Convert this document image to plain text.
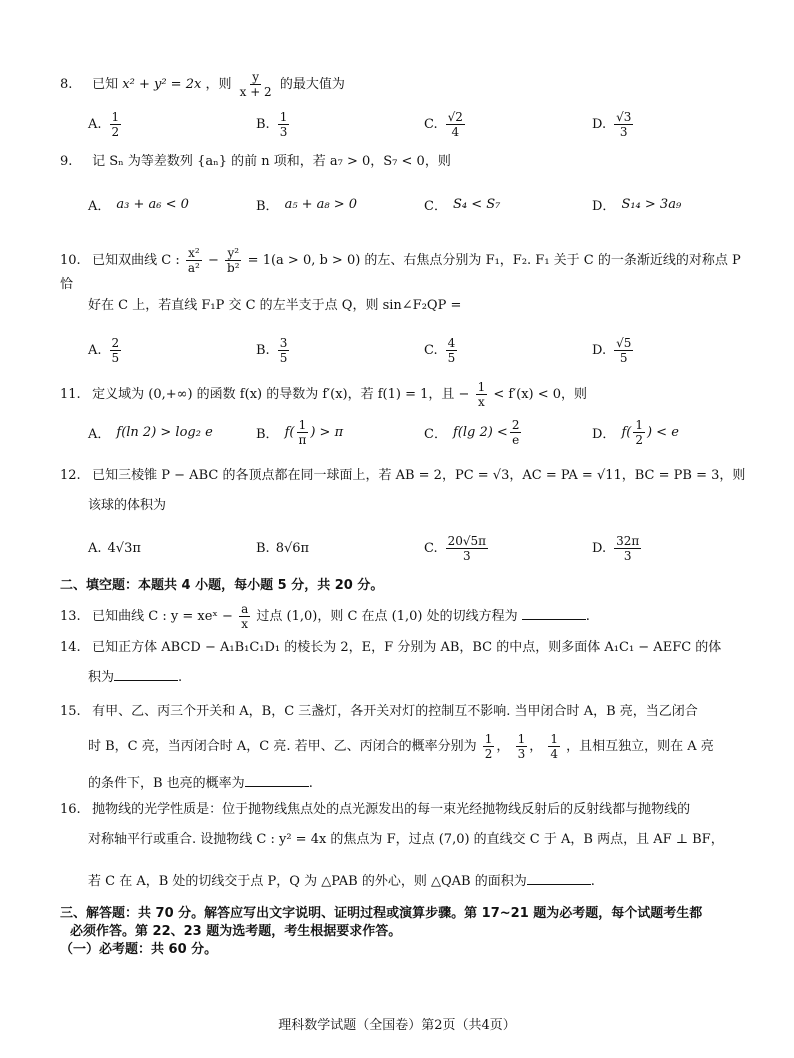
8. 已知 x² + y² = 2x ，则 $\frac{y}{x + 2}$ 的最大值为
A. $\frac{1}{2}$	B. $\frac{1}{3}$	C. $\frac{√2}{4}$	D. $\frac{√3}{3}$
9. 记 Sₙ 为等差数列 {aₙ} 的前 n 项和，若 a₇ > 0，S₇ < 0，则
A． a₃ + a₆ < 0	B． a₅ + a₈ > 0	C． S₄ < S₇	D． S₁₄ > 3a₉
10. 已知双曲线 C : $\frac{\text{x²}}{\text{a²}} - \frac{\text{y²}}{\text{b²}} = 1(a > 0$, b > 0) 的左、右焦点分别为 F₁，F₂. F₁ 关于 C 的一条渐近线的对称点 P 恰
好在 C 上，若直线 F₁P 交 C 的左半支于点 Q，则 sin∠F₂QP =
A. $\frac{2}{5}$	B. $\frac{3}{5}$	C. $\frac{4}{5}$	D. $\frac{√5}{5}$
11. 定义域为 (0,+∞) 的函数 f(x) 的导数为 f′(x)，若 f(1) = 1，且 − $\frac{1}{x} < f'(x) < 0$，则
A． f(ln 2) > log₂ e	B． $f( \frac{1}{\pi}$ ) > π	C． f(lg $2) < \frac{2}{e}$	D． $f( \frac{1}{2}$ ) < e
12. 已知三棱锥 P − ABC 的各顶点都在同一球面上，若 AB = 2，PC = √3，AC = PA = √11，BC = PB = 3，则
该球的体积为
A. 4√3π	B. 8√6π	C. $\frac{20√5\pi}{3}$	D. $\frac{32\pi}{3}$
二、填空题：本题共 4 小题，每小题 5 分，共 20 分。
13. 已知曲线 C : y = xeˣ − $\frac{a}{x}$ 过点 (1,0)，则 C 在点 (1,0) 处的切线方程为	.
14. 已知正方体 ABCD − A₁B₁C₁D₁ 的棱长为 2，E，F 分别为 AB，BC 的中点，则多面体 A₁C₁ − AEFC 的体
积为	.
15. 有甲、乙、丙三个开关和 A，B，C 三盏灯，各开关对灯的控制互不影响. 当甲闭合时 A，B 亮，当乙闭合
时 B，C 亮，当丙闭合时 A，C 亮. 若甲、乙、丙闭合的概率分别为 $\frac{1}{2}$ ， $\frac{1}{3}$ ， $\frac{1}{4}$ ，且相互独立，则在 A 亮
的条件下，B 也亮的概率为	.
16. 抛物线的光学性质是：位于抛物线焦点处的点光源发出的每一束光经抛物线反射后的反射线都与抛物线的
对称轴平行或重合. 设抛物线 C : y² = 4x 的焦点为 F，过点 (7,0) 的直线交 C 于 A，B 两点，且 AF ⊥ BF，
若 C 在 A，B 处的切线交于点 P，Q 为 △PAB 的外心，则 △QAB 的面积为	.
三、解答题：共 70 分。解答应写出文字说明、证明过程或演算步骤。第 17~21 题为必考题，每个试题考生都
必须作答。第 22、23 题为选考题，考生根据要求作答。
（一）必考题：共 60 分。
理科数学试题（全国卷）第2页（共4页）
